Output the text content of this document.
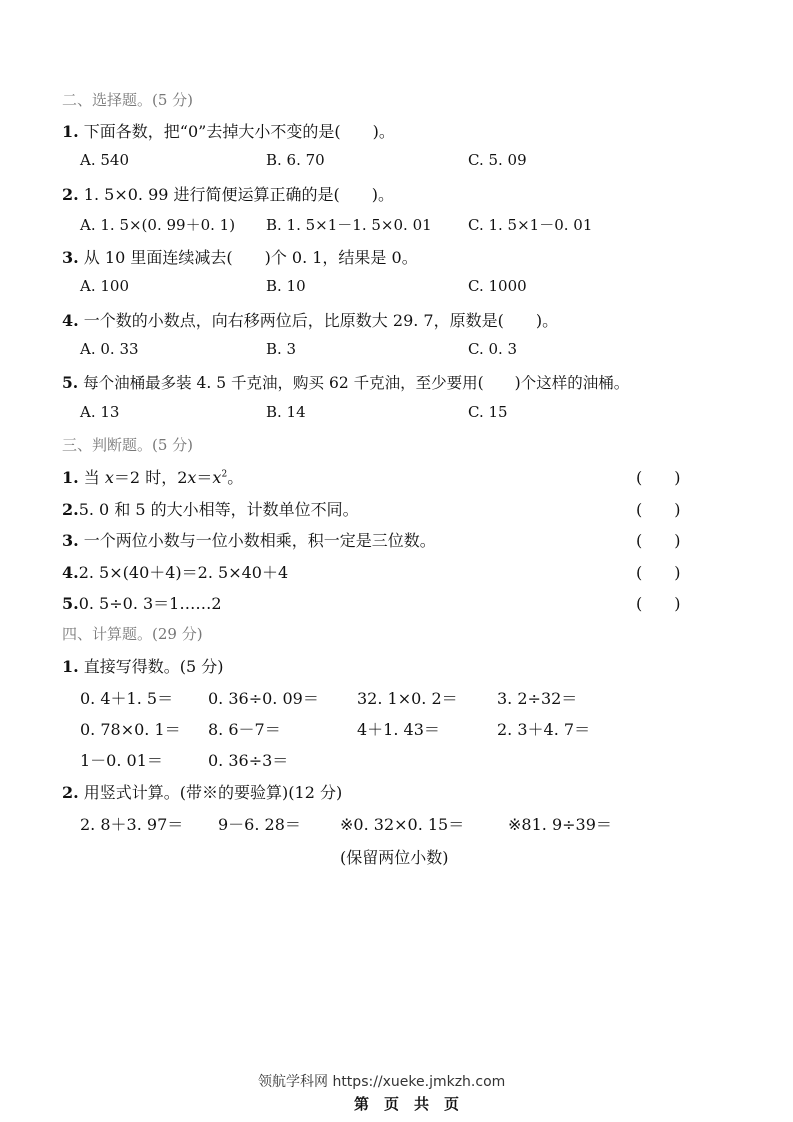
二、选择题。(5 分)
1. 下面各数，把“0”去掉大小不变的是(　　)。
A. 540	B. 6. 70	C. 5. 09
2. 1. 5×0. 99 进行简便运算正确的是(　　)。
A. 1. 5×(0. 99＋0. 1) B. 1. 5×1－1. 5×0. 01 C. 1. 5×1－0. 01
3. 从 10 里面连续减去(　　)个 0. 1，结果是 0。
A. 100	B. 10	C. 1000
4. 一个数的小数点，向右移两位后，比原数大 29. 7，原数是(　　)。
A. 0. 33	B. 3	C. 0. 3
5. 每个油桶最多装 4. 5 千克油，购买 62 千克油，至少要用(　　)个这样的油桶。
A. 13	B. 14	C. 15
三、判断题。(5 分)
1. 当 x＝2 时，$2x=x^2$。	(　　)
2.5. 0 和 5 的大小相等，计数单位不同。	(　　)
3. 一个两位小数与一位小数相乘，积一定是三位数。	(　　)
4.2. 5×(40＋4)＝2. 5×40＋4	(　　)
5.0. 5÷0. 3＝1……2	(　　)
四、计算题。(29 分)
1. 直接写得数。(5 分)
0. 4＋1. 5＝ 0. 36÷0. 09＝ 32. 1×0. 2＝ 3. 2÷32＝
0. 78×0. 1＝ 8. 6－7＝	4＋1. 43＝	2. 3＋4. 7＝
1－0. 01＝	0. 36÷3＝
2. 用竖式计算。(带※的要验算)(12 分)
2. 8＋3. 97＝ 9－6. 28＝ ※0. 32×0. 15＝	※81. 9÷39＝
(保留两位小数)
领航学科网 https://xueke.jmkzh.com
第　页　共　页
